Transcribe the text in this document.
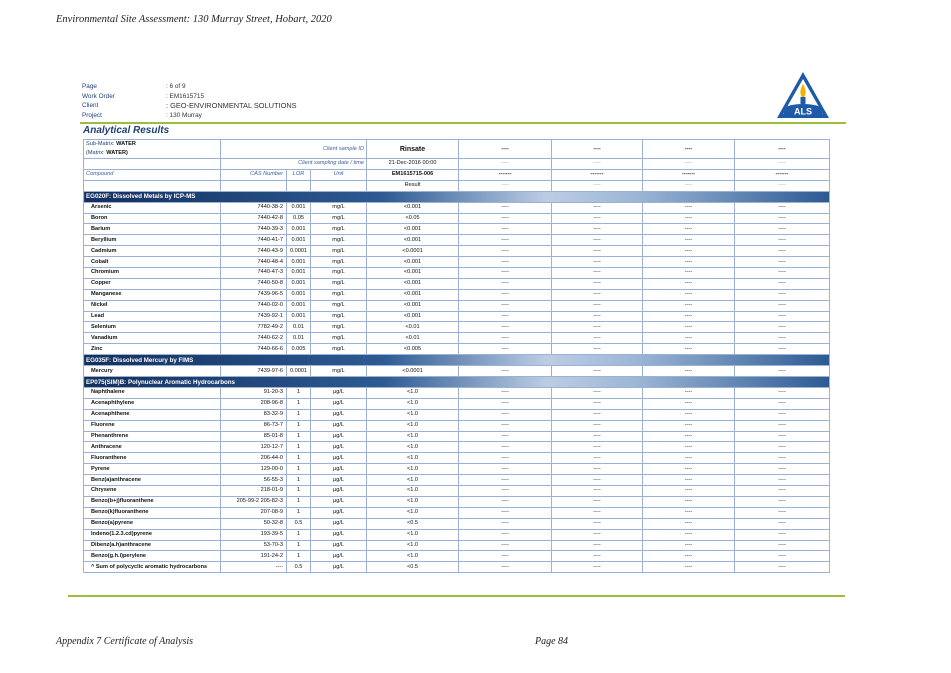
Environmental Site Assessment: 130 Murray Street, Hobart, 2020
Page	: 6 of 9
Work Order	: EM1615715
Client	: GEO-ENVIRONMENTAL SOLUTIONS
Project	: 130 Murray	ALS
Analytical Results
Sub-Matrix: WATER
(Matrix: WATER)	Client sample ID			Rinsate	----	----	----	----
	Client sampling date / time			21-Dec-2016 00:00	----	----	----	----
Compound	CAS Number	LOR	Unit	EM1615715-006	-------	-------	-------	-------
				Result	----	----	----	----
EG020F: Dissolved Metals by ICP-MS								
Arsenic	7440-38-2	0.001	mg/L	<0.001	----	----	----	----
Boron	7440-42-8	0.05	mg/L	<0.05	----	----	----	----
Barium	7440-39-3	0.001	mg/L	<0.001	----	----	----	----
Beryllium	7440-41-7	0.001	mg/L	<0.001	----	----	----	----
Cadmium	7440-43-9	0.0001	mg/L	<0.0001	----	----	----	----
Cobalt	7440-48-4	0.001	mg/L	<0.001	----	----	----	----
Chromium	7440-47-3	0.001	mg/L	<0.001	----	----	----	----
Copper	7440-50-8	0.001	mg/L	<0.001	----	----	----	----
Manganese	7439-96-5	0.001	mg/L	<0.001	----	----	----	----
Nickel	7440-02-0	0.001	mg/L	<0.001	----	----	----	----
Lead	7439-92-1	0.001	mg/L	<0.001	----	----	----	----
Selenium	7782-49-2	0.01	mg/L	<0.01	----	----	----	----
Vanadium	7440-62-2	0.01	mg/L	<0.01	----	----	----	----
Zinc	7440-66-6	0.005	mg/L	<0.005	----	----	----	----
EG035F: Dissolved Mercury by FIMS								
Mercury	7439-97-6	0.0001	mg/L	<0.0001	----	----	----	----
EP075(SIM)B: Polynuclear Aromatic Hydrocarbons								
Naphthalene	91-20-3	1	µg/L	<1.0	----	----	----	----
Acenaphthylene	208-96-8	1	µg/L	<1.0	----	----	----	----
Acenaphthene	83-32-9	1	µg/L	<1.0	----	----	----	----
Fluorene	86-73-7	1	µg/L	<1.0	----	----	----	----
Phenanthrene	85-01-8	1	µg/L	<1.0	----	----	----	----
Anthracene	120-12-7	1	µg/L	<1.0	----	----	----	----
Fluoranthene	206-44-0	1	µg/L	<1.0	----	----	----	----
Pyrene	129-00-0	1	µg/L	<1.0	----	----	----	----
Benz(a)anthracene	56-55-3	1	µg/L	<1.0	----	----	----	----
Chrysene	218-01-9	1	µg/L	<1.0	----	----	----	----
Benzo(b+j)fluoranthene	205-99-2 205-82-3	1	µg/L	<1.0	----	----	----	----
Benzo(k)fluoranthene	207-08-9	1	µg/L	<1.0	----	----	----	----
Benzo(a)pyrene	50-32-8	0.5	µg/L	<0.5	----	----	----	----
Indeno(1.2.3.cd)pyrene	193-39-5	1	µg/L	<1.0	----	----	----	----
Dibenz(a.h)anthracene	53-70-3	1	µg/L	<1.0	----	----	----	----
Benzo(g.h.i)perylene	191-24-2	1	µg/L	<1.0	----	----	----	----
^ Sum of polycyclic aromatic hydrocarbons	----	0.5	µg/L	<0.5	----	----	----	----
Appendix 7 Certificate of Analysis	Page 84
